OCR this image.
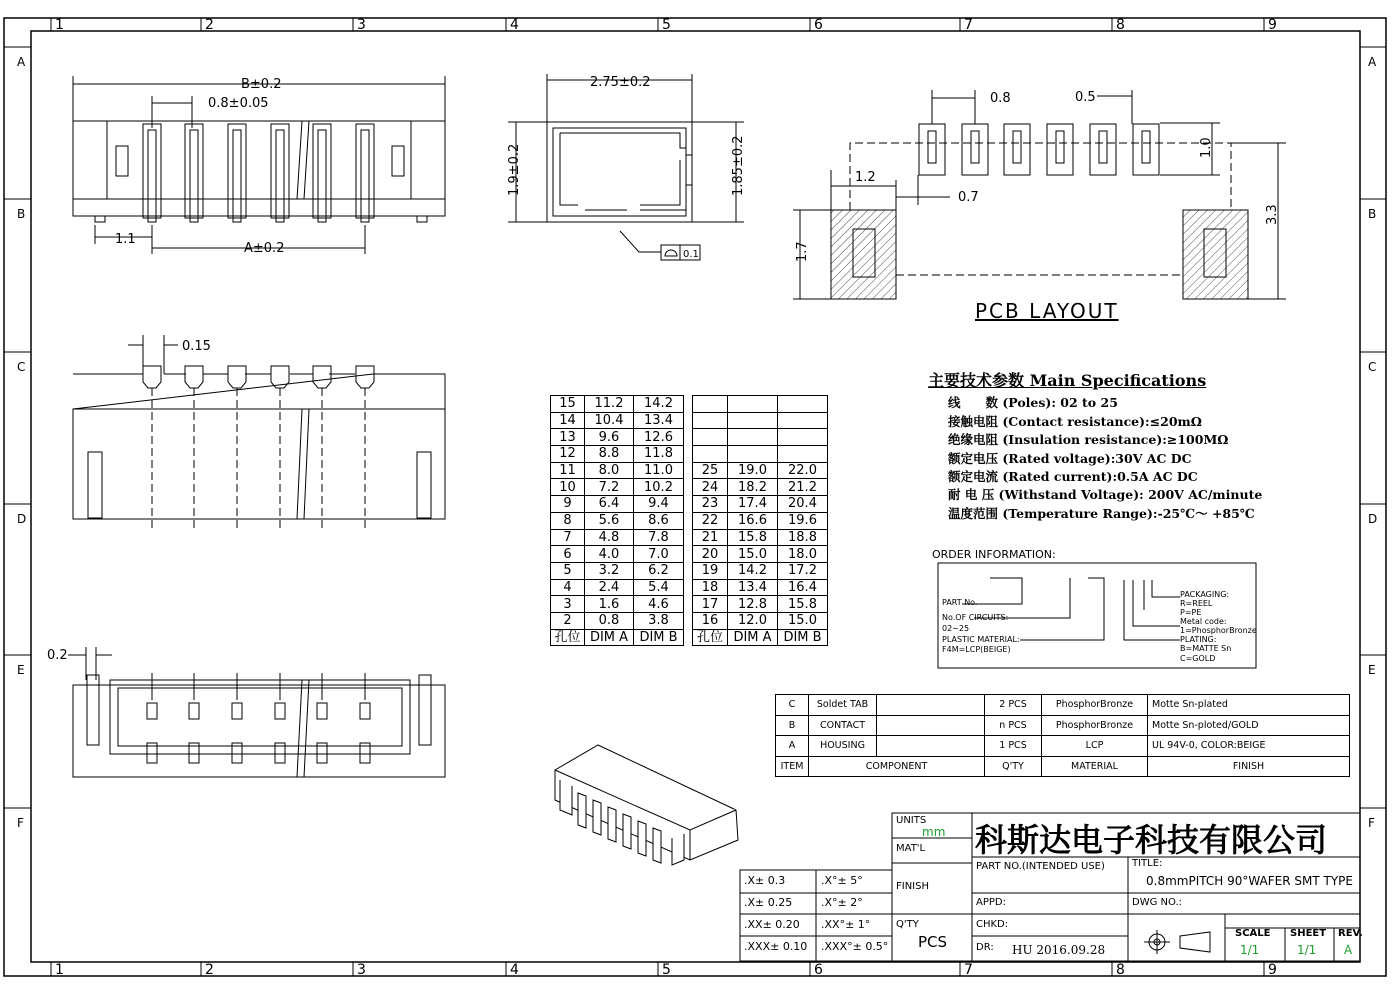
1	2	3	4	5	6	7	8	9
1	2	3	4	5	6	7	8	9
A	A
B	B
C	C
D	D
E	E
F	F
B±0.2
0.8±0.05
1.1
A±0.2
2.75±0.2
1.9±0.2	1.85±0.2
0.1
0.8	0.5
1.0
1.2
0.7
3.3
1.7
PCB LAYOUT
0.15
0.2
15	11.2	14.2
14	10.4	13.4
13	9.6	12.6
12	8.8	11.8
11	8.0	11.0
10	7.2	10.2
9	6.4	9.4
8	5.6	8.6
7	4.8	7.8
6	4.0	7.0
5	3.2	6.2
4	2.4	5.4
3	1.6	4.6
2	0.8	3.8
孔位	DIM A	DIM B

25	19.0	22.0
24	18.2	21.2
23	17.4	20.4
22	16.6	19.6
21	15.8	18.8
20	15.0	18.0
19	14.2	17.2
18	13.4	16.4
17	12.8	15.8
16	12.0	15.0
孔位	DIM A	DIM B
主要技术参数 Main Specifications
线　　数 (Poles): 02 to 25
接触电阻 (Contact resistance):≤20mΩ
绝缘电阻 (Insulation resistance):≥100MΩ
额定电压 (Rated voltage):30V AC DC
额定电流 (Rated current):0.5A AC DC
耐 电 压 (Withstand Voltage): 200V AC/minute
温度范围 (Temperature Range):-25℃～ +85℃
ORDER INFORMATION:
PART No.
No.OF CIRCUITS:
02~25
PLASTIC MATERIAL:
F4M=LCP(BEIGE)
PACKAGING:
R=REEL
P=PE
Metal code:
1=PhosphorBronze
PLATING:
B=MATTE Sn
C=GOLD
C	Soldet TAB		2 PCS	PhosphorBronze	Motte Sn-plated
B	CONTACT		n PCS	PhosphorBronze	Motte Sn-ploted/GOLD
A	HOUSING		1 PCS	LCP	UL 94V-0, COLOR:BEIGE
ITEM	COMPONENT		Q'TY	MATERIAL	FINISH
.X± 0.3	.X°± 5°
.X± 0.25	.X°± 2°
.XX± 0.20 .XX°± 1°
.XXX± 0.10 .XXX°± 0.5°
UNITS
mm
MAT'L
FINISH
Q'TY
PCS
科斯达电子科技有限公司
PART NO.(INTENDED USE)	TITLE:
0.8mmPITCH 90°WAFER SMT TYPE
APPD:	DWG NO.:
CHKD:
DR: HU 2016.09.28
SCALE
1/1
SHEET
1/1
REV.
A
